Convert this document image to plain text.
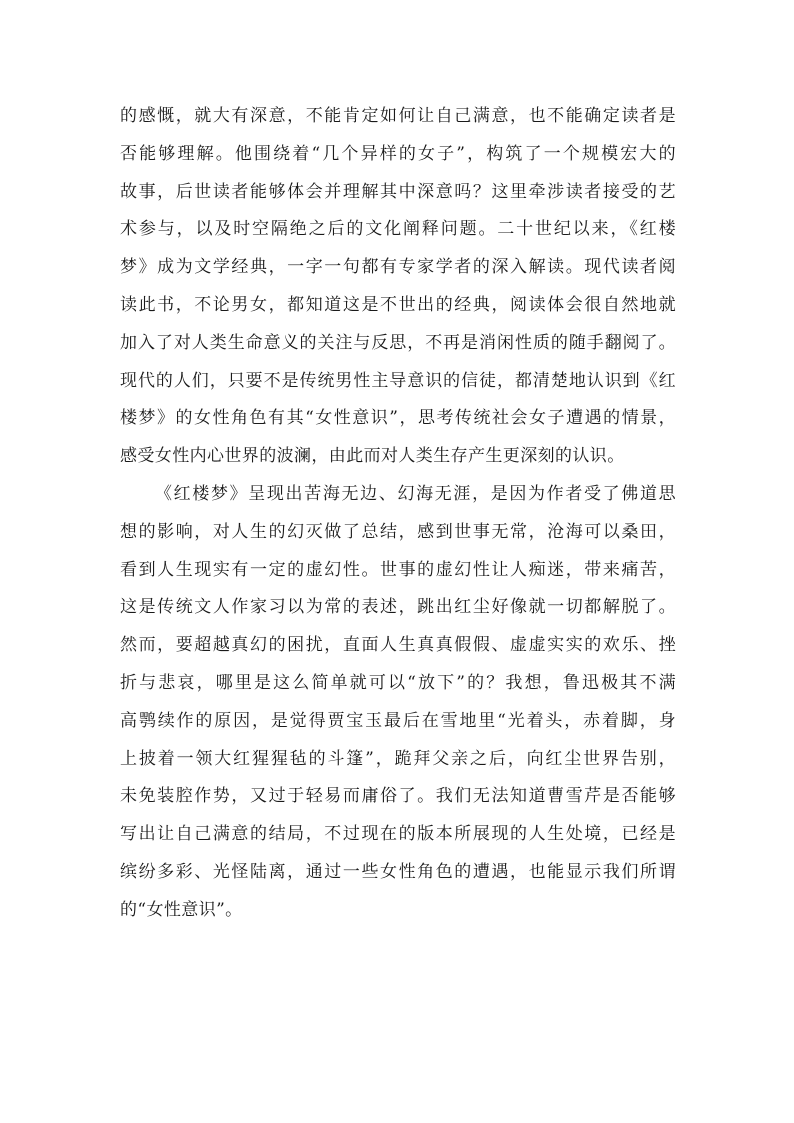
的感慨，就大有深意，不能肯定如何让自己满意，也不能确定读者是
否能够理解。他围绕着“几个异样的女子”，构筑了一个规模宏大的
故事，后世读者能够体会并理解其中深意吗？这里牵涉读者接受的艺
术参与，以及时空隔绝之后的文化阐释问题。二十世纪以来，《红楼
梦》成为文学经典，一字一句都有专家学者的深入解读。现代读者阅
读此书，不论男女，都知道这是不世出的经典，阅读体会很自然地就
加入了对人类生命意义的关注与反思，不再是消闲性质的随手翻阅了。
现代的人们，只要不是传统男性主导意识的信徒，都清楚地认识到《红
楼梦》的女性角色有其“女性意识”，思考传统社会女子遭遇的情景，
感受女性内心世界的波澜，由此而对人类生存产生更深刻的认识。

《红楼梦》呈现出苦海无边、幻海无涯，是因为作者受了佛道思
想的影响，对人生的幻灭做了总结，感到世事无常，沧海可以桑田，
看到人生现实有一定的虚幻性。世事的虚幻性让人痴迷，带来痛苦，
这是传统文人作家习以为常的表述，跳出红尘好像就一切都解脱了。
然而，要超越真幻的困扰，直面人生真真假假、虚虚实实的欢乐、挫
折与悲哀，哪里是这么简单就可以“放下”的？我想，鲁迅极其不满
高鹗续作的原因，是觉得贾宝玉最后在雪地里“光着头，赤着脚，身
上披着一领大红猩猩毡的斗篷”，跪拜父亲之后，向红尘世界告别，
未免装腔作势，又过于轻易而庸俗了。我们无法知道曹雪芹是否能够
写出让自己满意的结局，不过现在的版本所展现的人生处境，已经是
缤纷多彩、光怪陆离，通过一些女性角色的遭遇，也能显示我们所谓
的“女性意识”。
